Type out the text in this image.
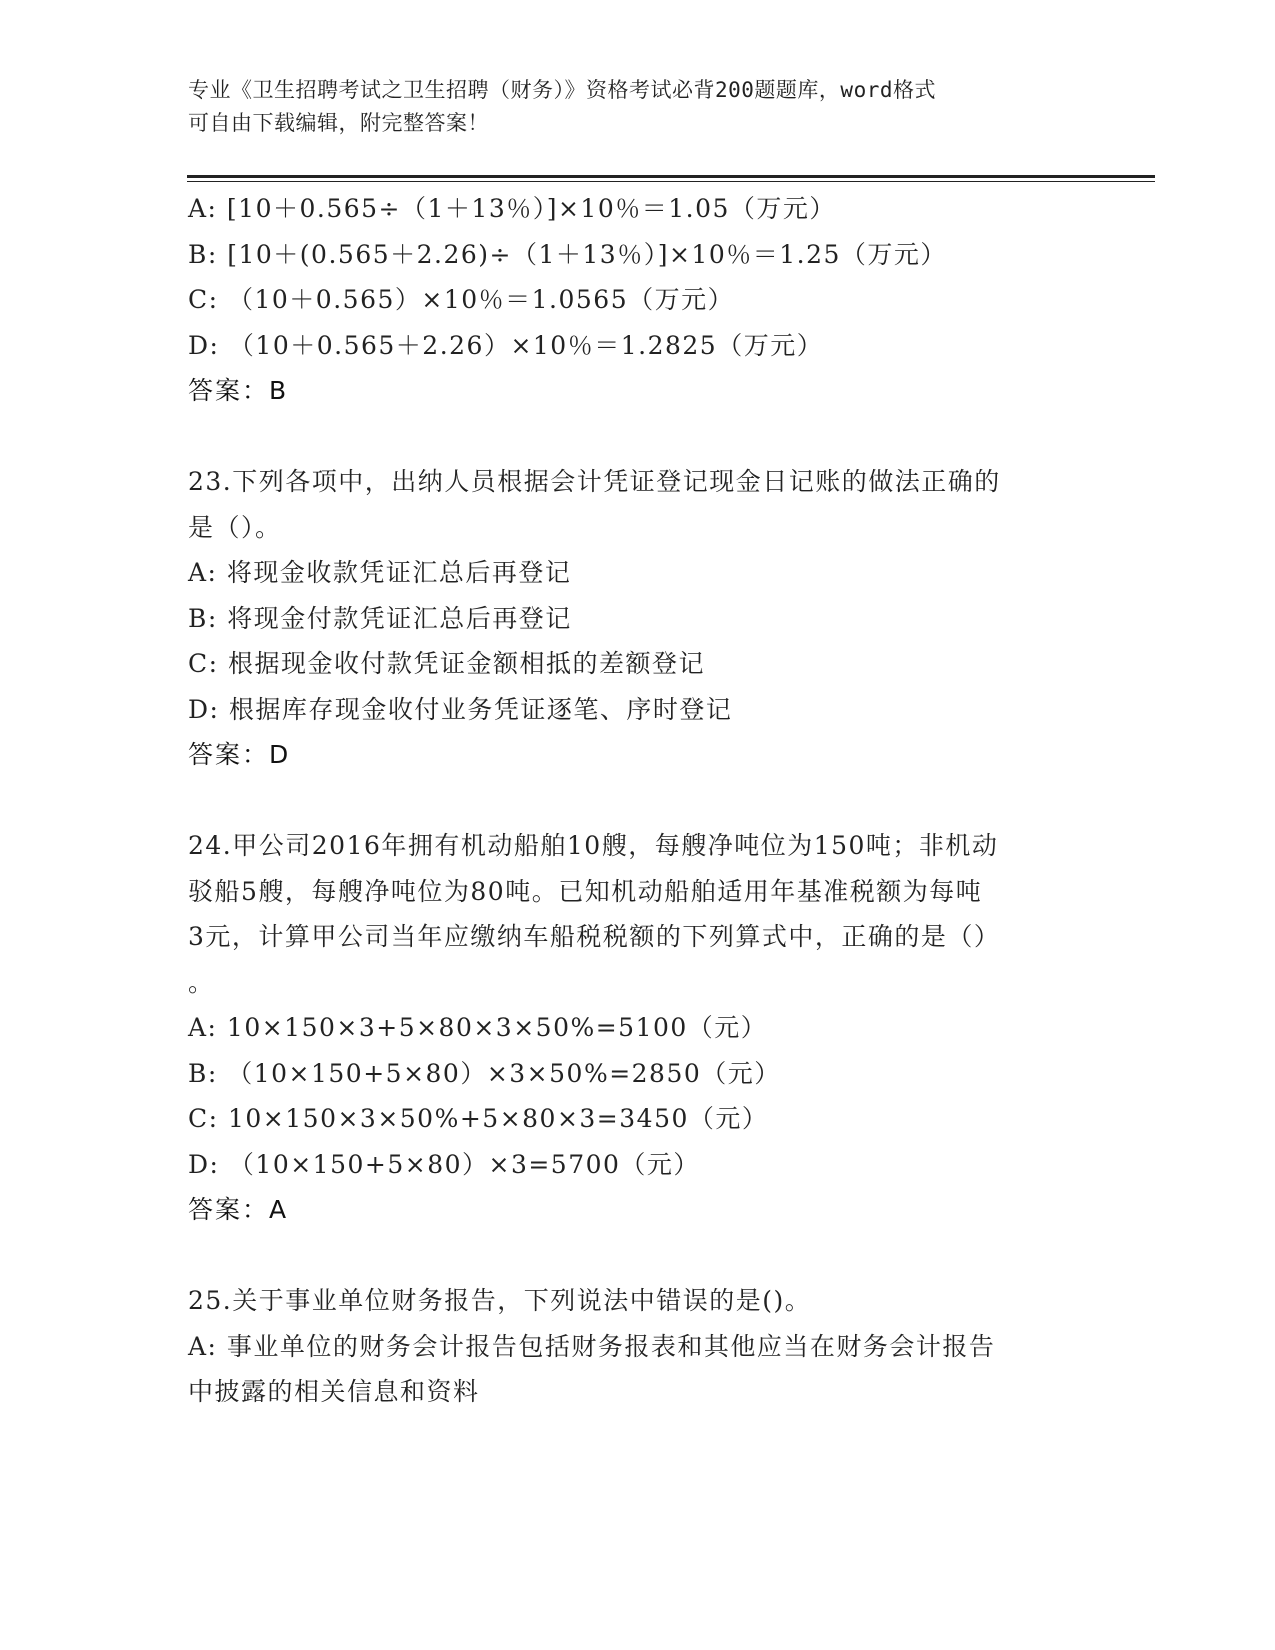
专业《卫生招聘考试之卫生招聘（财务）》资格考试必背200题题库，word格式
可自由下载编辑，附完整答案！
A: [10＋0.565÷（1＋13％）]×10％＝1.05（万元）
B: [10＋(0.565＋2.26)÷（1＋13％）]×10％＝1.25（万元）
C: （10＋0.565）×10％＝1.0565（万元）
D: （10＋0.565＋2.26）×10％＝1.2825（万元）
答案：B
23.下列各项中，出纳人员根据会计凭证登记现金日记账的做法正确的
是（）。
A: 将现金收款凭证汇总后再登记
B: 将现金付款凭证汇总后再登记
C: 根据现金收付款凭证金额相抵的差额登记
D: 根据库存现金收付业务凭证逐笔、序时登记
答案：D
24.甲公司2016年拥有机动船舶10艘，每艘净吨位为150吨；非机动
驳船5艘，每艘净吨位为80吨。已知机动船舶适用年基准税额为每吨
3元，计算甲公司当年应缴纳车船税税额的下列算式中，正确的是（）
。
A: 10×150×3+5×80×3×50%=5100（元）
B: （10×150+5×80）×3×50%=2850（元）
C: 10×150×3×50%+5×80×3=3450（元）
D: （10×150+5×80）×3=5700（元）
答案：A
25.关于事业单位财务报告，下列说法中错误的是()。
A: 事业单位的财务会计报告包括财务报表和其他应当在财务会计报告
中披露的相关信息和资料
